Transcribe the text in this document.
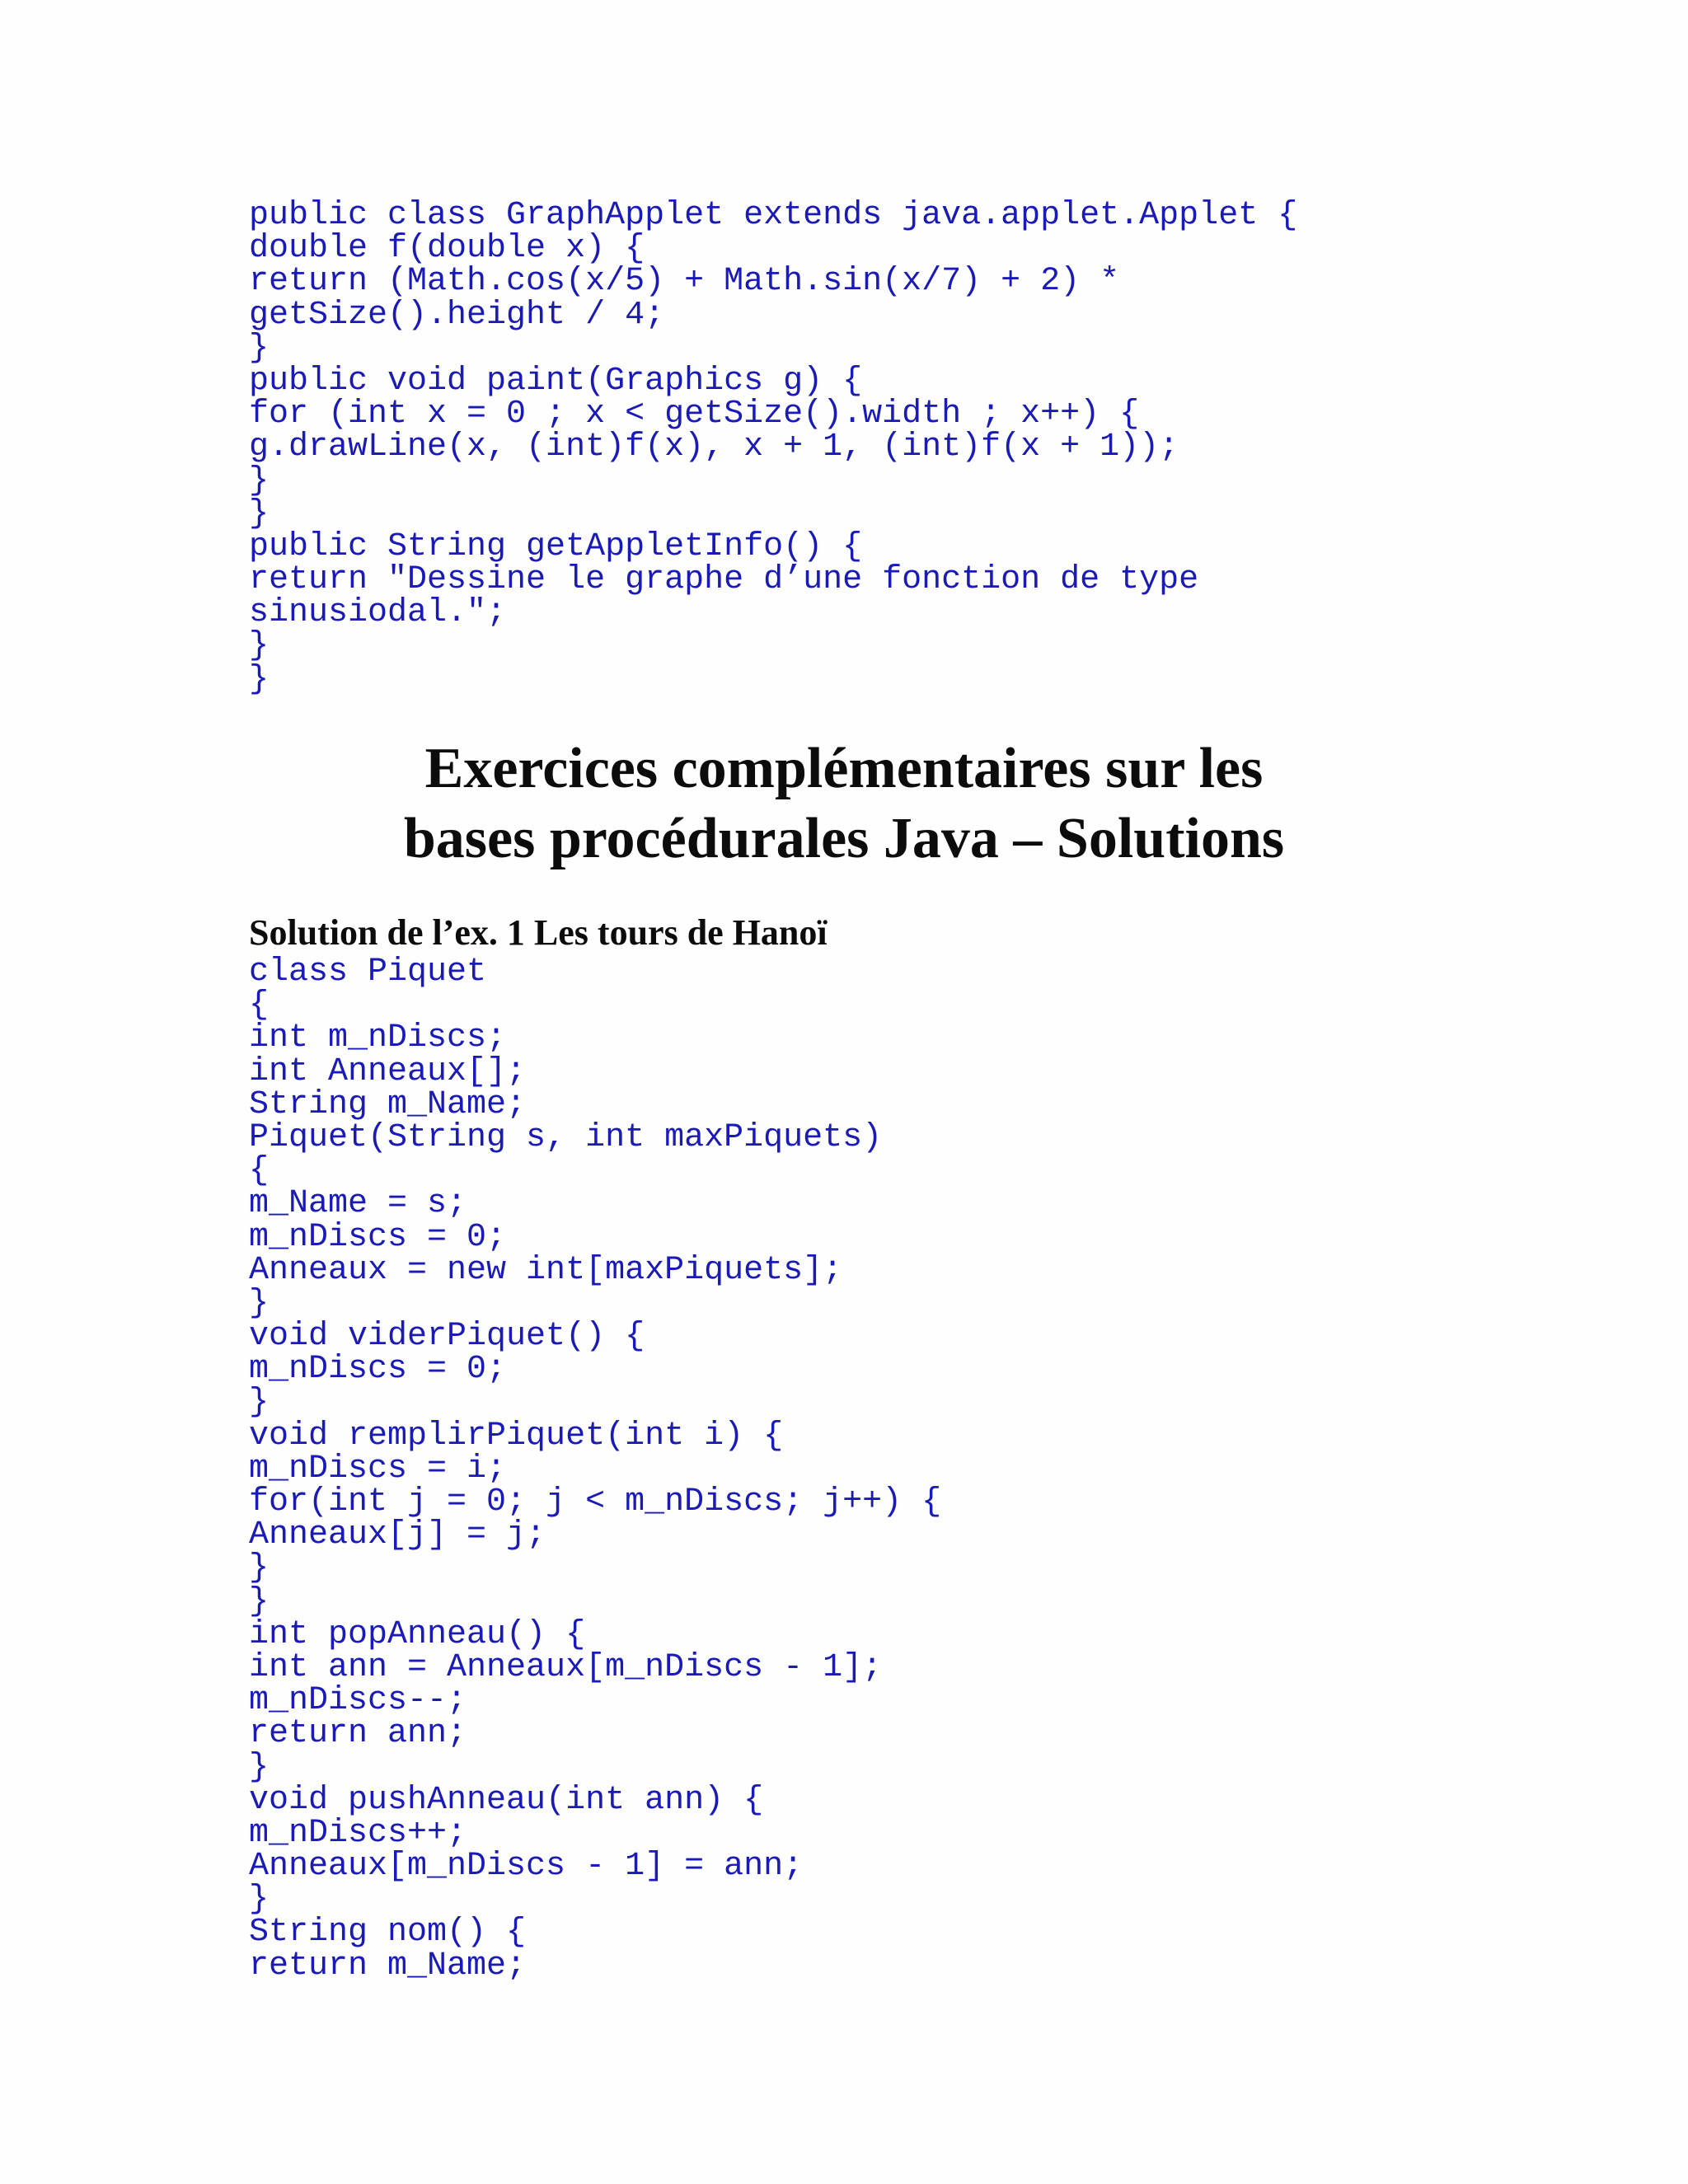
public class GraphApplet extends java.applet.Applet {
double f(double x) {
return (Math.cos(x/5) + Math.sin(x/7) + 2) *
getSize().height / 4;
}
public void paint(Graphics g) {
for (int x = 0 ; x < getSize().width ; x++) {
g.drawLine(x, (int)f(x), x + 1, (int)f(x + 1));
}
}
public String getAppletInfo() {
return "Dessine le graphe d’une fonction de type
sinusiodal.";
}
}
Exercices complémentaires sur les
bases procédurales Java – Solutions
Solution de l’ex. 1 Les tours de Hanoï
class Piquet
{
int m_nDiscs;
int Anneaux[];
String m_Name;
Piquet(String s, int maxPiquets)
{
m_Name = s;
m_nDiscs = 0;
Anneaux = new int[maxPiquets];
}
void viderPiquet() {
m_nDiscs = 0;
}
void remplirPiquet(int i) {
m_nDiscs = i;
for(int j = 0; j < m_nDiscs; j++) {
Anneaux[j] = j;
}
}
int popAnneau() {
int ann = Anneaux[m_nDiscs - 1];
m_nDiscs--;
return ann;
}
void pushAnneau(int ann) {
m_nDiscs++;
Anneaux[m_nDiscs - 1] = ann;
}
String nom() {
return m_Name;
